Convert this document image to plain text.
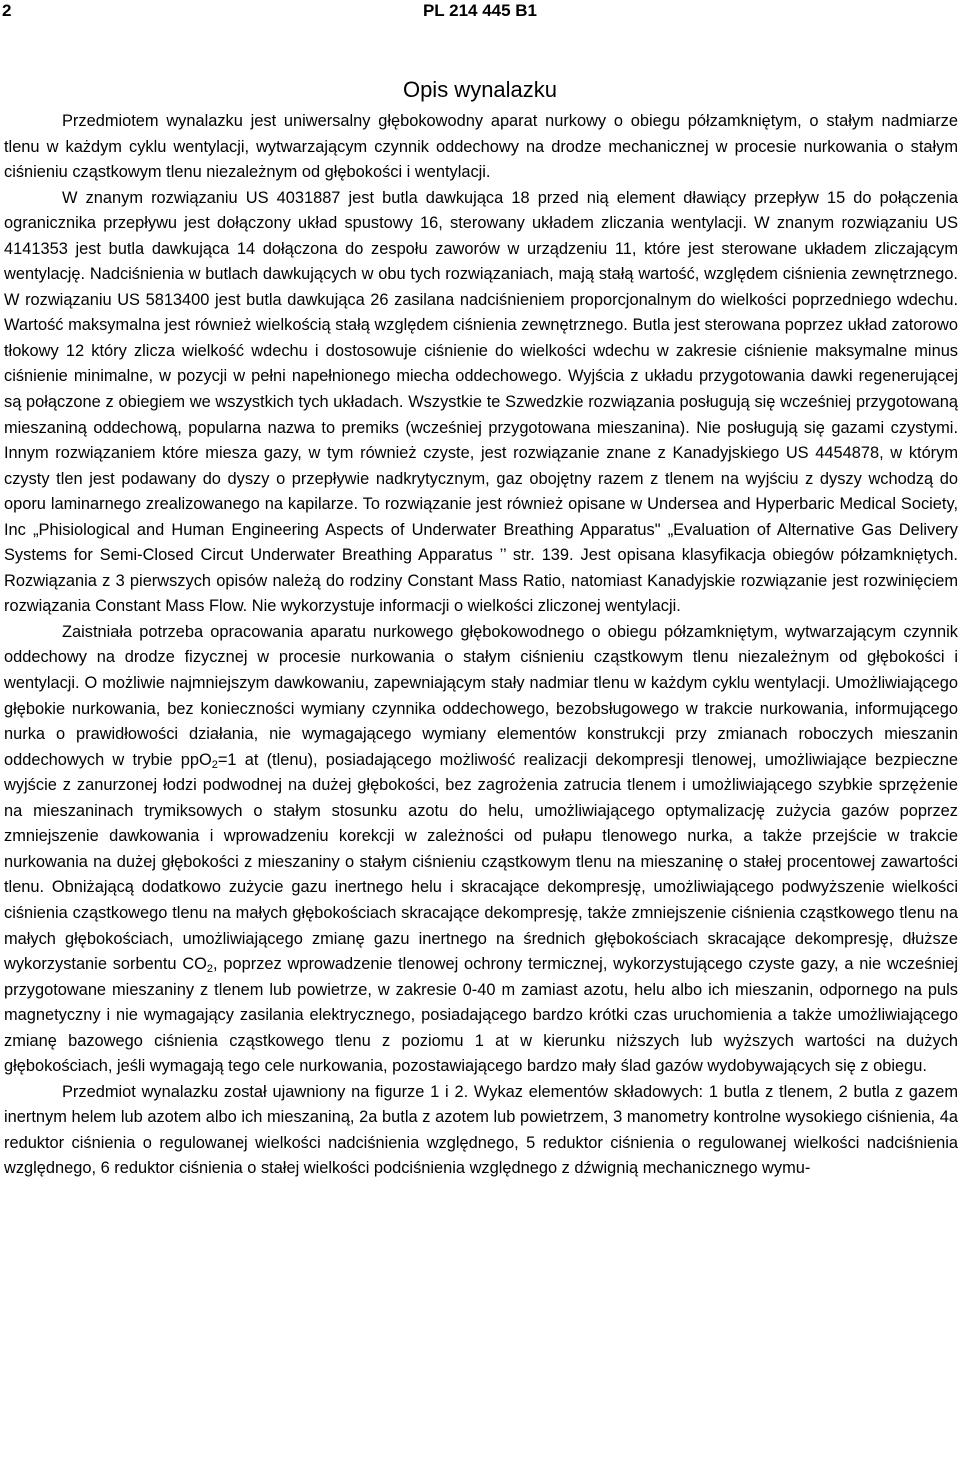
2	PL 214 445 B1
Opis wynalazku

Przedmiotem wynalazku jest uniwersalny głębokowodny aparat nurkowy o obiegu półzamkniętym, o stałym nadmiarze tlenu w każdym cyklu wentylacji, wytwarzającym czynnik oddechowy na drodze mechanicznej w procesie nurkowania o stałym ciśnieniu cząstkowym tlenu niezależnym od głębokości i wentylacji.

W znanym rozwiązaniu US 4031887 jest butla dawkująca 18 przed nią element dławiący przepływ 15 do połączenia ogranicznika przepływu jest dołączony układ spustowy 16, sterowany układem zliczania wentylacji. W znanym rozwiązaniu US 4141353 jest butla dawkująca 14 dołączona do zespołu zaworów w urządzeniu 11, które jest sterowane układem zliczającym wentylację. Nadciśnienia w butlach dawkujących w obu tych rozwiązaniach, mają stałą wartość, względem ciśnienia zewnętrznego. W rozwiązaniu US 5813400 jest butla dawkująca 26 zasilana nadciśnieniem proporcjonalnym do wielkości poprzedniego wdechu. Wartość maksymalna jest również wielkością stałą względem ciśnienia zewnętrznego. Butla jest sterowana poprzez układ zatorowo tłokowy 12 który zlicza wielkość wdechu i dostosowuje ciśnienie do wielkości wdechu w zakresie ciśnienie maksymalne minus ciśnienie minimalne, w pozycji w pełni napełnionego miecha oddechowego. Wyjścia z układu przygotowania dawki regenerującej są połączone z obiegiem we wszystkich tych układach. Wszystkie te Szwedzkie rozwiązania posługują się wcześniej przygotowaną mieszaniną oddechową, popularna nazwa to premiks (wcześniej przygotowana mieszanina). Nie posługują się gazami czystymi. Innym rozwiązaniem które miesza gazy, w tym również czyste, jest rozwiązanie znane z Kanadyjskiego US 4454878, w którym czysty tlen jest podawany do dyszy o przepływie nadkrytycznym, gaz obojętny razem z tlenem na wyjściu z dyszy wchodzą do oporu laminarnego zrealizowanego na kapilarze. To rozwiązanie jest również opisane w Undersea and Hyperbaric Medical Society, Inc „Phisiological and Human Engineering Aspects of Underwater Breathing Apparatus" „Evaluation of Alternative Gas Delivery Systems for Semi-Closed Circut Underwater Breathing Apparatus ’’ str. 139. Jest opisana klasyfikacja obiegów półzamkniętych. Rozwiązania z 3 pierwszych opisów należą do rodziny Constant Mass Ratio, natomiast Kanadyjskie rozwiązanie jest rozwinięciem rozwiązania Constant Mass Flow. Nie wykorzystuje informacji o wielkości zliczonej wentylacji.

Zaistniała potrzeba opracowania aparatu nurkowego głębokowodnego o obiegu półzamkniętym, wytwarzającym czynnik oddechowy na drodze fizycznej w procesie nurkowania o stałym ciśnieniu cząstkowym tlenu niezależnym od głębokości i wentylacji. O możliwie najmniejszym dawkowaniu, zapewniającym stały nadmiar tlenu w każdym cyklu wentylacji. Umożliwiającego głębokie nurkowania, bez konieczności wymiany czynnika oddechowego, bezobsługowego w trakcie nurkowania, informującego nurka o prawidłowości działania, nie wymagającego wymiany elementów konstrukcji przy zmianach roboczych mieszanin oddechowych w trybie ppO$_2$=1 at (tlenu), posiadającego możliwość realizacji dekompresji tlenowej, umożliwiające bezpieczne wyjście z zanurzonej łodzi podwodnej na dużej głębokości, bez zagrożenia zatrucia tlenem i umożliwiającego szybkie sprzężenie na mieszaninach trymiksowych o stałym stosunku azotu do helu, umożliwiającego optymalizację zużycia gazów poprzez zmniejszenie dawkowania i wprowadzeniu korekcji w zależności od pułapu tlenowego nurka, a także przejście w trakcie nurkowania na dużej głębokości z mieszaniny o stałym ciśnieniu cząstkowym tlenu na mieszaninę o stałej procentowej zawartości tlenu. Obniżającą dodatkowo zużycie gazu inertnego helu i skracające dekompresję, umożliwiającego podwyższenie wielkości ciśnienia cząstkowego tlenu na małych głębokościach skracające dekompresję, także zmniejszenie ciśnienia cząstkowego tlenu na małych głębokościach, umożliwiającego zmianę gazu inertnego na średnich głębokościach skracające dekompresję, dłuższe wykorzystanie sorbentu $CO_2$, poprzez wprowadzenie tlenowej ochrony termicznej, wykorzystującego czyste gazy, a nie wcześniej przygotowane mieszaniny z tlenem lub powietrze, w zakresie 0-40 m zamiast azotu, helu albo ich mieszanin, odpornego na puls magnetyczny i nie wymagający zasilania elektrycznego, posiadającego bardzo krótki czas uruchomienia a także umożliwiającego zmianę bazowego ciśnienia cząstkowego tlenu z poziomu 1 at w kierunku niższych lub wyższych wartości na dużych głębokościach, jeśli wymagają tego cele nurkowania, pozostawiającego bardzo mały ślad gazów wydobywających się z obiegu.

Przedmiot wynalazku został ujawniony na figurze 1 i 2. Wykaz elementów składowych: 1 butla z tlenem, 2 butla z gazem inertnym helem lub azotem albo ich mieszaniną, 2a butla z azotem lub powietrzem, 3 manometry kontrolne wysokiego ciśnienia, 4a reduktor ciśnienia o regulowanej wielkości nadciśnienia względnego, 5 reduktor ciśnienia o regulowanej wielkości nadciśnienia względnego, 6 reduktor ciśnienia o stałej wielkości podciśnienia względnego z dźwignią mechanicznego wymu-
